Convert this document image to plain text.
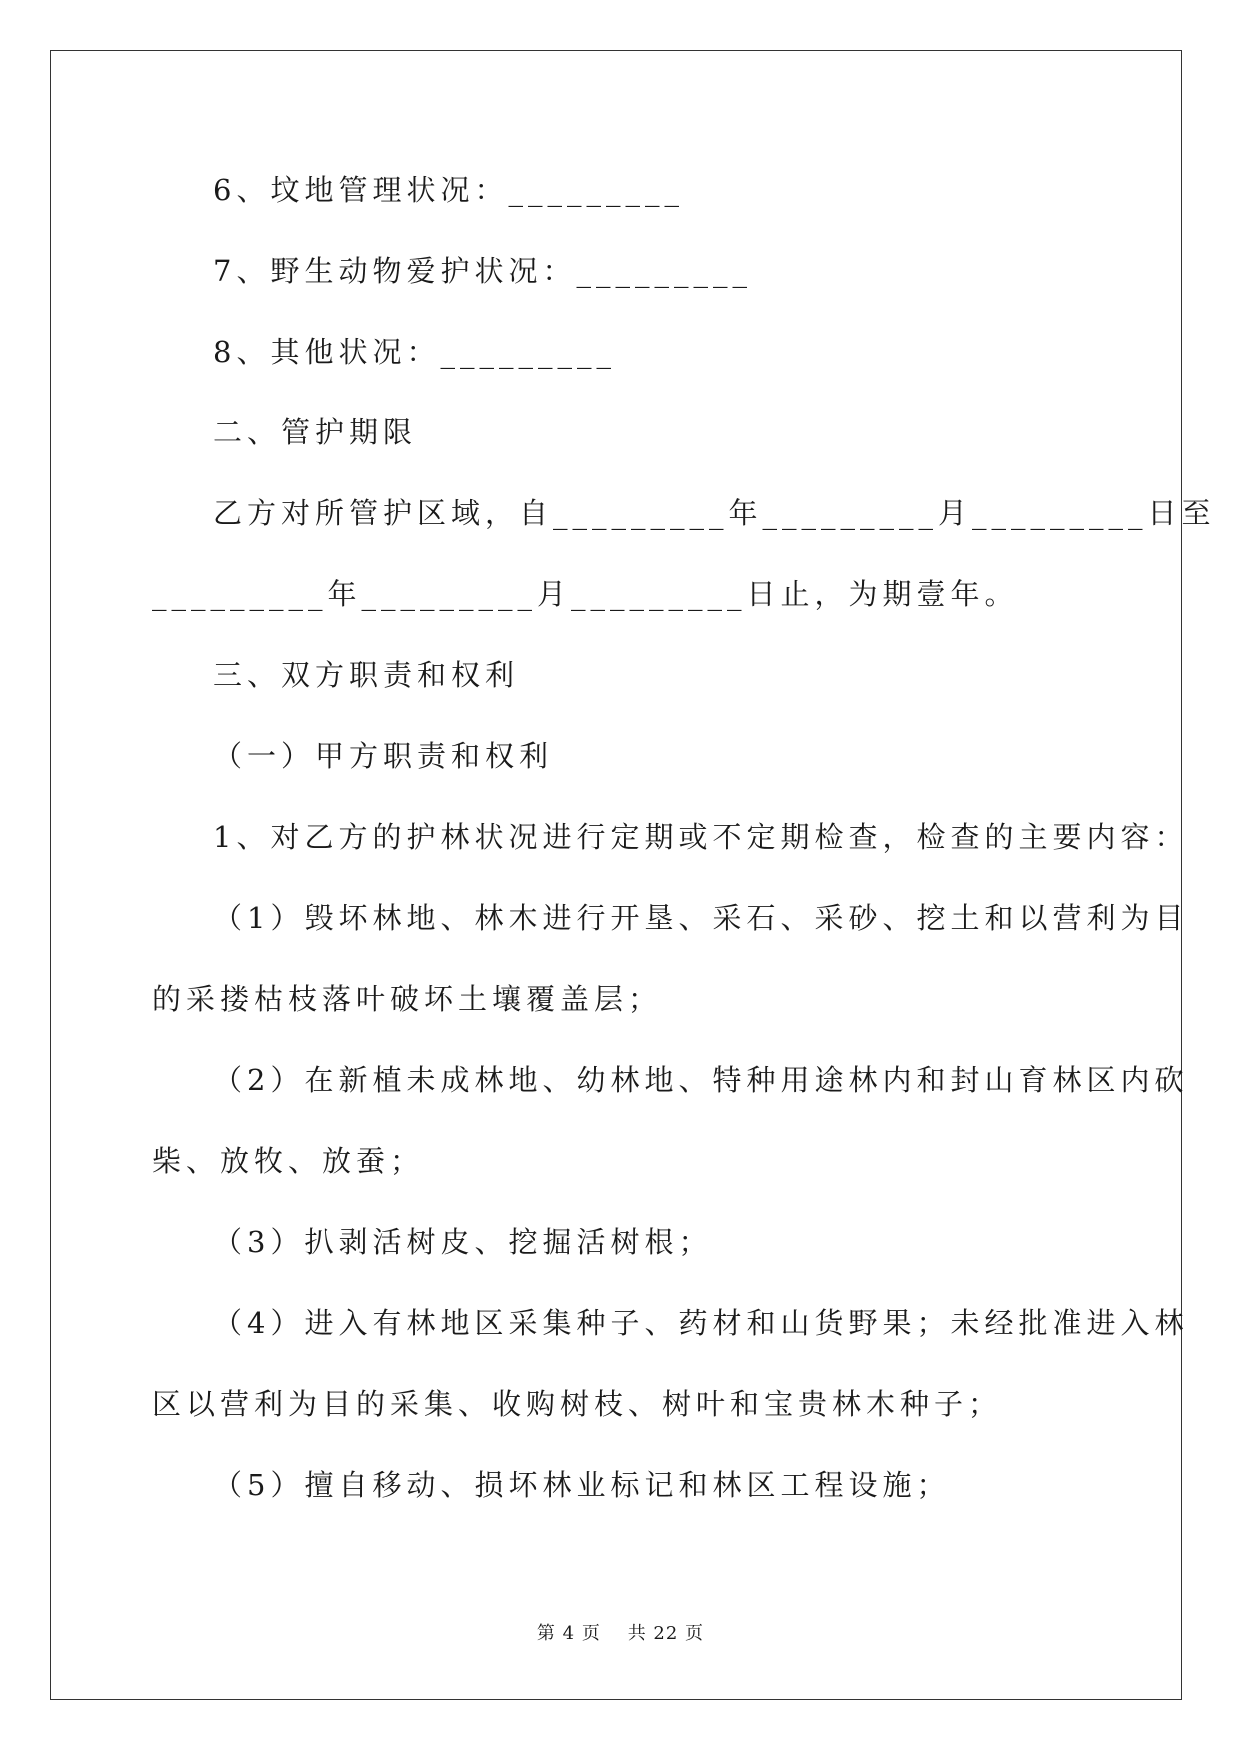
6、坟地管理状况：_________
7、野生动物爱护状况：_________
8、其他状况：_________
二、管护期限
乙方对所管护区域，自_________年_________月_________日至
_________年_________月_________日止，为期壹年。
三、双方职责和权利
（一）甲方职责和权利
1、对乙方的护林状况进行定期或不定期检查，检查的主要内容：
（1）毁坏林地、林木进行开垦、采石、采砂、挖土和以营利为目
的采搂枯枝落叶破坏土壤覆盖层；
（2）在新植未成林地、幼林地、特种用途林内和封山育林区内砍
柴、放牧、放蚕；
（3）扒剥活树皮、挖掘活树根；
（4）进入有林地区采集种子、药材和山货野果；未经批准进入林
区以营利为目的采集、收购树枝、树叶和宝贵林木种子；
（5）擅自移动、损坏林业标记和林区工程设施；
第 4 页    共 22 页
